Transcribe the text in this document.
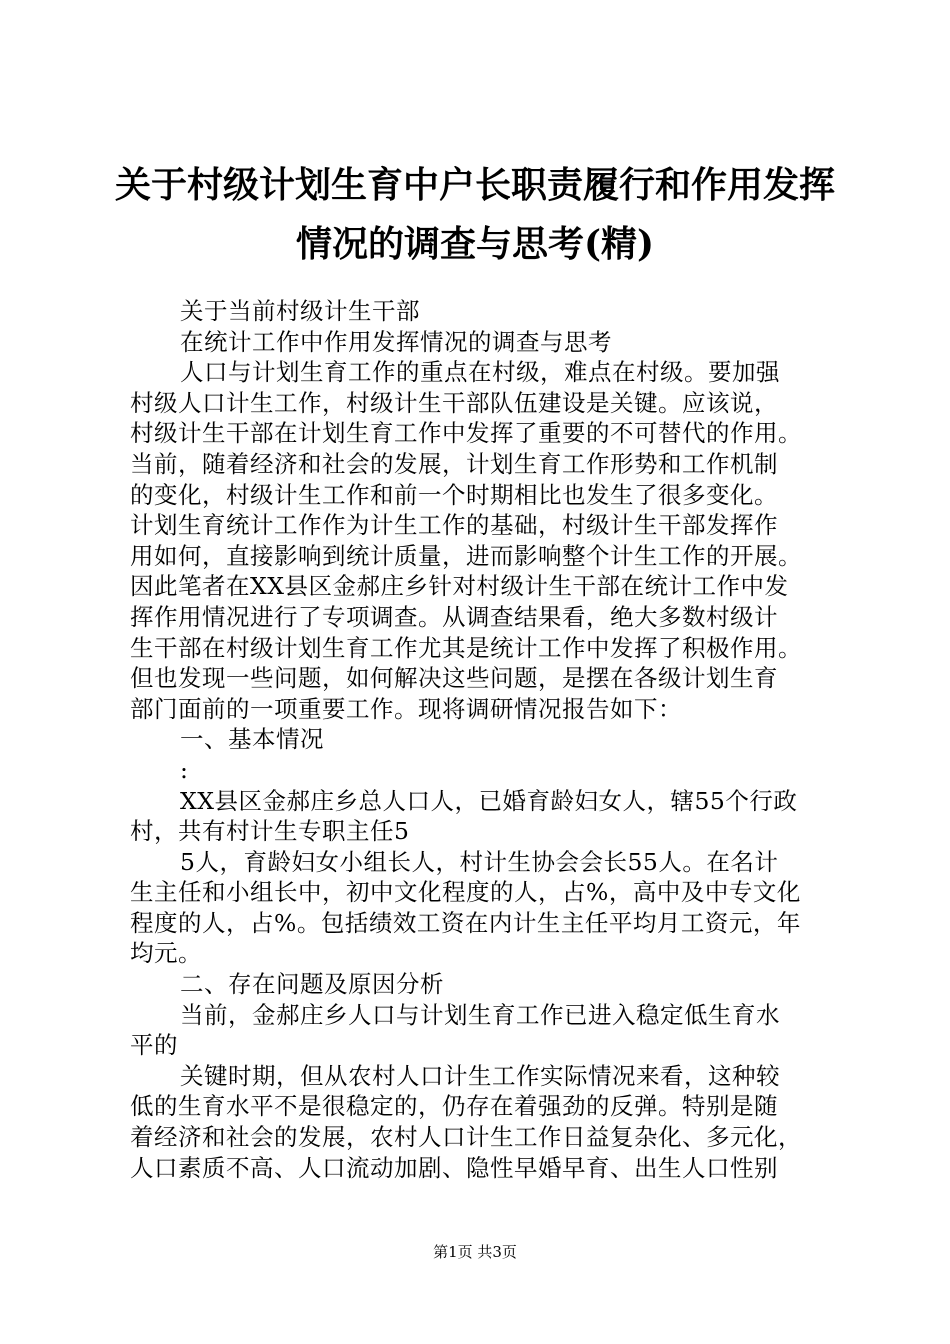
关于村级计划生育中户长职责履行和作用发挥
情况的调查与思考(精)

关于当前村级计生干部

在统计工作中作用发挥情况的调查与思考

人口与计划生育工作的重点在村级，难点在村级。要加强

村级人口计生工作，村级计生干部队伍建设是关键。应该说，

村级计生干部在计划生育工作中发挥了重要的不可替代的作用。

当前，随着经济和社会的发展，计划生育工作形势和工作机制

的变化，村级计生工作和前一个时期相比也发生了很多变化。

计划生育统计工作作为计生工作的基础，村级计生干部发挥作

用如何，直接影响到统计质量，进而影响整个计生工作的开展。

因此笔者在XX县区金郝庄乡针对村级计生干部在统计工作中发

挥作用情况进行了专项调查。从调查结果看，绝大多数村级计

生干部在村级计划生育工作尤其是统计工作中发挥了积极作用。

但也发现一些问题，如何解决这些问题，是摆在各级计划生育

部门面前的一项重要工作。现将调研情况报告如下：

一、基本情况

:

XX县区金郝庄乡总人口人，已婚育龄妇女人，辖55个行政

村，共有村计生专职主任5

5人，育龄妇女小组长人，村计生协会会长55人。在名计

生主任和小组长中，初中文化程度的人，占%，高中及中专文化

程度的人，占%。包括绩效工资在内计生主任平均月工资元，年

均元。

二、存在问题及原因分析

当前，金郝庄乡人口与计划生育工作已进入稳定低生育水

平的

关键时期，但从农村人口计生工作实际情况来看，这种较

低的生育水平不是很稳定的，仍存在着强劲的反弹。特别是随

着经济和社会的发展，农村人口计生工作日益复杂化、多元化，

人口素质不高、人口流动加剧、隐性早婚早育、出生人口性别

第1页 共3页
